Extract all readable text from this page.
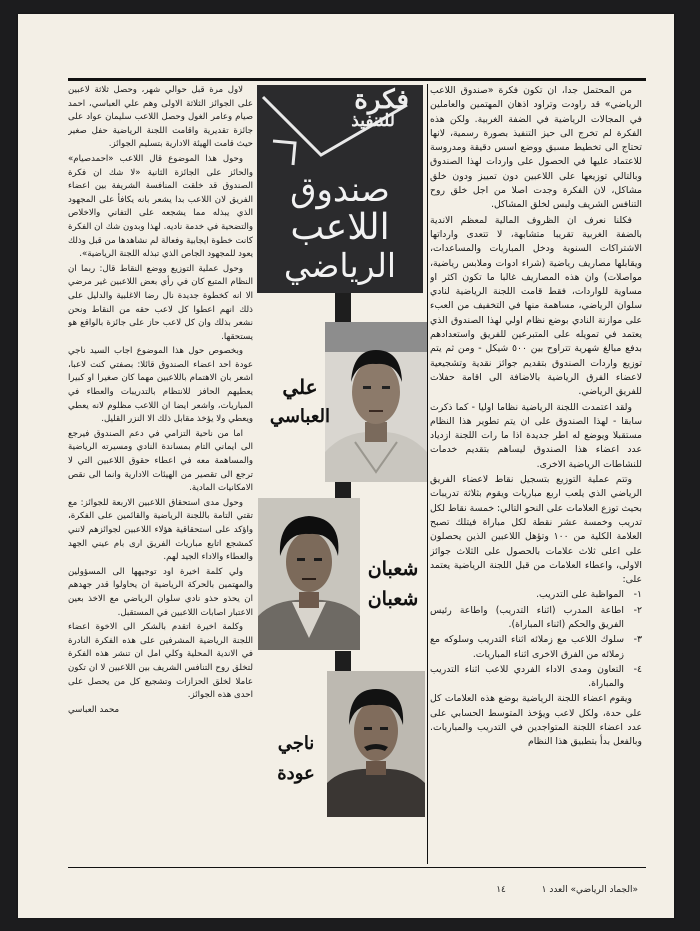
فكرة
للتنفيذ
صندوق
اللاعب
الرياضي
علي
العباسي
شعبان
شعبان
ناجي
عودة

من المحتمل جدا، ان تكون فكرة «صندوق اللاعب الرياضي» قد راودت وتراود اذهان المهتمين والعاملين في المجالات الرياضية في الضفة الغربية. ولكن هذه الفكرة لم تخرج الى حيز التنفيذ بصورة رسمية، لانها تحتاج الى تخطيط مسبق ووضع اسس دقيقة ومدروسة للاعتماد عليها في الحصول على واردات لهذا الصندوق وبالتالي توزيعها على اللاعبين دون تمييز ودون خلق مشاكل، لان الفكرة وجدت اصلا من اجل خلق روح التنافس الشريف ولبس لخلق المشاكل.

فكلنا نعرف ان الظروف المالية لمعظم الاندية بالضفة الغربية تقريبا متشابهة، لا تتعدى وارداتها الاشتراكات السنوية ودخل المباريات والمساعدات، ويقابلها مصاريف رياضية (شراء ادوات وملابس رياضية، مواصلات) وان هذه المصاريف غالبا ما تكون اكثر او مساوية للواردات، فقط قامت اللجنة الرياضية لنادي سلوان الرياضي، مساهمة منها في التخفيف من العبء على موازنة النادي بوضع نظام اولي لهذا الصندوق الذي يعتمد في تمويله على المتبرعين للفريق واستعدادهم بدفع مبالغ شهرية تتراوح بين ٥٠٠ شيكل - ومن ثم يتم توزيع واردات الصندوق بتقديم جوائز نقدية وتشجيعية لاعضاء الفرق الرياضية بالاضافة الى اقامة حفلات للفريق الرياضي.

ولقد اعتمدت اللجنة الرياضية نظاما اوليا - كما ذكرت سابقا - لهذا الصندوق على ان يتم تطوير هذا النظام مستقبلا ويوضع له اطر جديدة اذا ما رات اللجنة ازدياد عدد اعضاء هذا الصندوق ليساهم بتقديم خدمات للنشاطات الرياضية الاخرى.

وتتم عملية التوزيع بتسجيل نقاط لاعضاء الفريق الرياضي الذي يلعب اربع مباريات ويقوم بثلاثة تدريبات بحيث توزع العلامات على النحو التالي: خمسة نقاط لكل تدريب وخمسة عشر نقطة لكل مباراة فيتلك تصبح العلامة الكلية من ١٠٠ وتؤهل اللاعبين الذين يحصلون على اعلى ثلاث علامات بالحصول على الثلاث جوائز الاولى، واعطاء العلامات من قبل اللجنة الرياضية يعتمد على:

١-
المواظبة على التدريب.

٢-
اطاعة المدرب (اثناء التدريب) واطاعة رئيس الفريق والحكم (اثناء المباراة).

٣-
سلوك اللاعب مع زملائه اثناء التدريب وسلوكه مع زملائه من الفرق الاخرى اثناء المباريات.

٤-
التعاون ومدى الاداء الفردي للاعب اثناء التدريب والمباراة.

ويقوم اعضاء اللجنة الرياضية بوضع هذه العلامات كل على حدة، ولكل لاعب ويؤخذ المتوسط الحسابي على عدد اعضاء اللجنة المتواجدين في التدريب والمباريات. وبالفعل بدأ بتطبيق هذا النظام

لاول مرة قبل حوالي شهر، وحصل ثلاثة لاعبين على الجوائز الثلاثة الاولى وهم علي العباسي، احمد صيام وعامر الغول وحصل اللاعب سليمان عواد على جائزة تقديرية واقامت اللجنة الرياضية حفل صغير حيث قامت الهيئة الادارية بتسليم الجوائز.

وحول هذا الموضوع قال اللاعب «احمدصيام» والحائز على الجائزة الثانية «لا شك ان فكرة الصندوق قد خلقت المنافسة الشريفة بين اعضاء الفريق لان اللاعب بدا يشعر بانه يكافأ على المجهود الذي يبذله مما يشجعه على التفاني والاخلاص والتضحية في خدمة ناديه. لهذا وبدون شك ان الفكرة كانت خطوة ايجابية وفعالة لم نشاهدها من قبل وذلك يعود للمجهود الجاص الذي تبذله اللجنة الرياضية».

وحول عملية التوزيع ووضع النقاط قال: ربما ان النظام المتبع كان في رأي بعض اللاعبين غير مرضي الا انه كخطوة جديدة نال رضا الاغلبية والدليل على ذلك انهم اعطوا كل لاعب حقه من النقاط ونحن نشعر بذلك وان كل لاعب حاز على جائزة بالواقع هو يستحقها.

وبخصوص حول هذا الموضوع اجاب السيد ناجي عودة احد اعضاء الصندوق قائلا: بصفتي كنت لاعبا، اشعر بان الاهتمام باللاعبين مهما كان صغيرا او كبيرا يعطيهم الحافز للانتظام بالتدريبات والعطاء في المباريات، واشعر ايضا ان اللاعب مظلوم لانه يعطي ويعطي ولا يؤخذ مقابل ذلك الا النزر القليل.

اما من ناحية التزامي في دعم الصندوق فيرجع الى ايماني التام بمساندة النادي ومسيرته الرياضية والمساهمة معه في اعطاء حقوق اللاعبين التي لا ترجع الى تقصير من الهيئات الادارية وانما الى نقص الامكانيات المادية.

وحول مدى استحقاق اللاعبين الاربعة للجوائز: مع تقتي التامة باللجنة الرياضية والقائمين على الفكرة، واؤكد على استحقاقية هؤلاء اللاعبين لجوائزهم لانني كمشجع اتابع مباريات الفريق ارى بام عيني الجهد والعطاء والاداء الجيد لهم.

ولي كلمة اخيرة اود توجيهها الى المسؤولين والمهتمين بالحركة الرياضية ان يحاولوا قدر جهدهم ان يحذو حذو نادي سلوان الرياضي مع الاخذ بعين الاعتبار اصابات اللاعبين في المستقبل.

وكلمة اخيرة اتقدم بالشكر الى الاخوة اعضاء اللجنة الرياضية المشرفين على هذه الفكرة النادرة في الاندية المحلية وكلي امل ان تنشر هذه الفكرة لتخلق روح التنافس الشريف بين اللاعبين لا ان تكون عاملا لخلق الحزازات وتشجيع كل من يحصل على احدى هذه الجوائز.

محمد العباسي

«الجماد الرياضي» العدد ١  ١٤
